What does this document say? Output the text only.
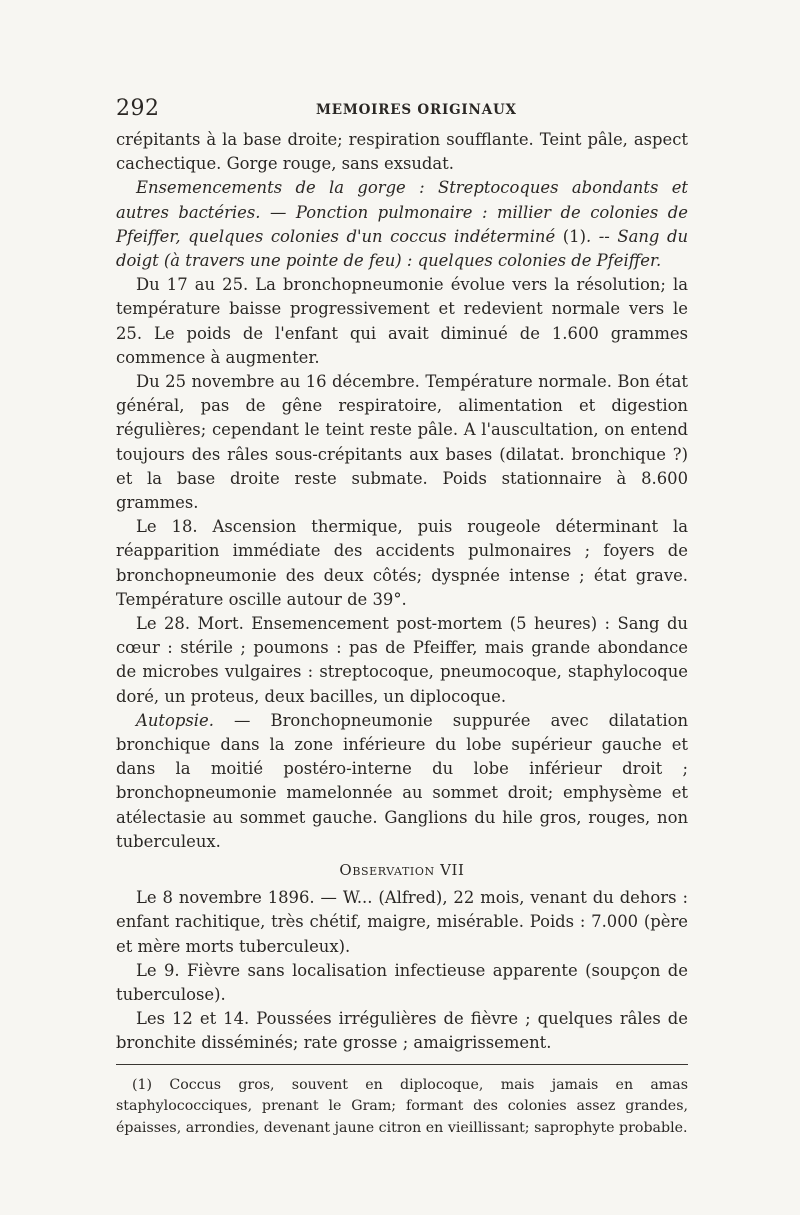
292	MEMOIRES ORIGINAUX

crépitants à la base droite; respiration soufflante. Teint pâle, aspect cachectique. Gorge rouge, sans exsudat.

Ensemencements de la gorge : Streptocoques abondants et autres bactéries. — Ponction pulmonaire : millier de colonies de Pfeiffer, quelques colonies d'un coccus indéterminé (1). -- Sang du doigt (à travers une pointe de feu) : quelques colonies de Pfeiffer.

Du 17 au 25. La bronchopneumonie évolue vers la résolution; la température baisse progressivement et redevient normale vers le 25. Le poids de l'enfant qui avait diminué de 1.600 grammes commence à augmenter.

Du 25 novembre au 16 décembre. Température normale. Bon état général, pas de gêne respiratoire, alimentation et digestion régulières; cependant le teint reste pâle. A l'auscultation, on entend toujours des râles sous-crépitants aux bases (dilatat. bronchique ?) et la base droite reste submate. Poids stationnaire à 8.600 grammes.

Le 18. Ascension thermique, puis rougeole déterminant la réapparition immédiate des accidents pulmonaires ; foyers de bronchopneumonie des deux côtés; dyspnée intense ; état grave. Température oscille autour de 39°.

Le 28. Mort. Ensemencement post-mortem (5 heures) : Sang du cœur : stérile ; poumons : pas de Pfeiffer, mais grande abondance de microbes vulgaires : streptocoque, pneumocoque, staphylocoque doré, un proteus, deux bacilles, un diplocoque.

Autopsie. — Bronchopneumonie suppurée avec dilatation bronchique dans la zone inférieure du lobe supérieur gauche et dans la moitié postéro-interne du lobe inférieur droit ; bronchopneumonie mamelonnée au sommet droit; emphysème et atélectasie au sommet gauche. Ganglions du hile gros, rouges, non tuberculeux.

Observation VII

Le 8 novembre 1896. — W... (Alfred), 22 mois, venant du dehors : enfant rachitique, très chétif, maigre, misérable. Poids : 7.000 (père et mère morts tuberculeux).

Le 9. Fièvre sans localisation infectieuse apparente (soupçon de tuberculose).

Les 12 et 14. Poussées irrégulières de fièvre ; quelques râles de bronchite disséminés; rate grosse ; amaigrissement.

(1) Coccus gros, souvent en diplocoque, mais jamais en amas staphylococciques, prenant le Gram; formant des colonies assez grandes, épaisses, arrondies, devenant jaune citron en vieillissant; saprophyte probable.
